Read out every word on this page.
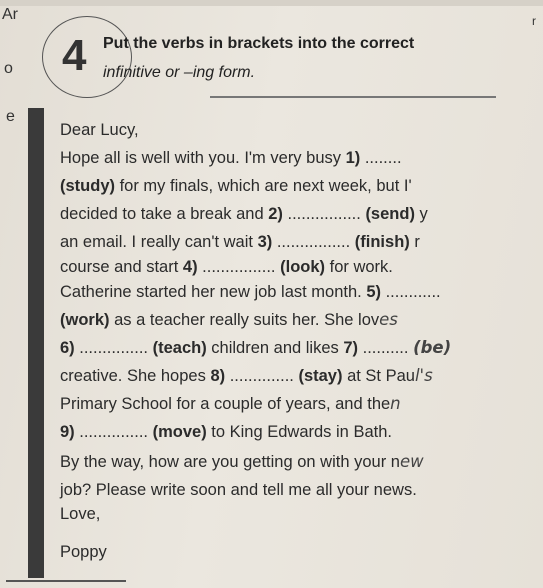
Ar
o
e
r
4 Put the verbs in brackets into the correct
infinitive or –ing form.
Dear Lucy,
Hope all is well with you. I'm very busy 1) ........
(study) for my finals, which are next week, but I'
decided to take a break and 2) ................ (send) y
an email. I really can't wait 3) ................ (finish) r
course and start 4) ................ (look) for work.
Catherine started her new job last month. 5) ............
(work) as a teacher really suits her. She loves
6) ............... (teach) children and likes 7) .......... (be)
creative. She hopes 8) .............. (stay) at St Paul's
Primary School for a couple of years, and then
9) ............... (move) to King Edwards in Bath.
By the way, how are you getting on with your new
job? Please write soon and tell me all your news.
Love,
Poppy
